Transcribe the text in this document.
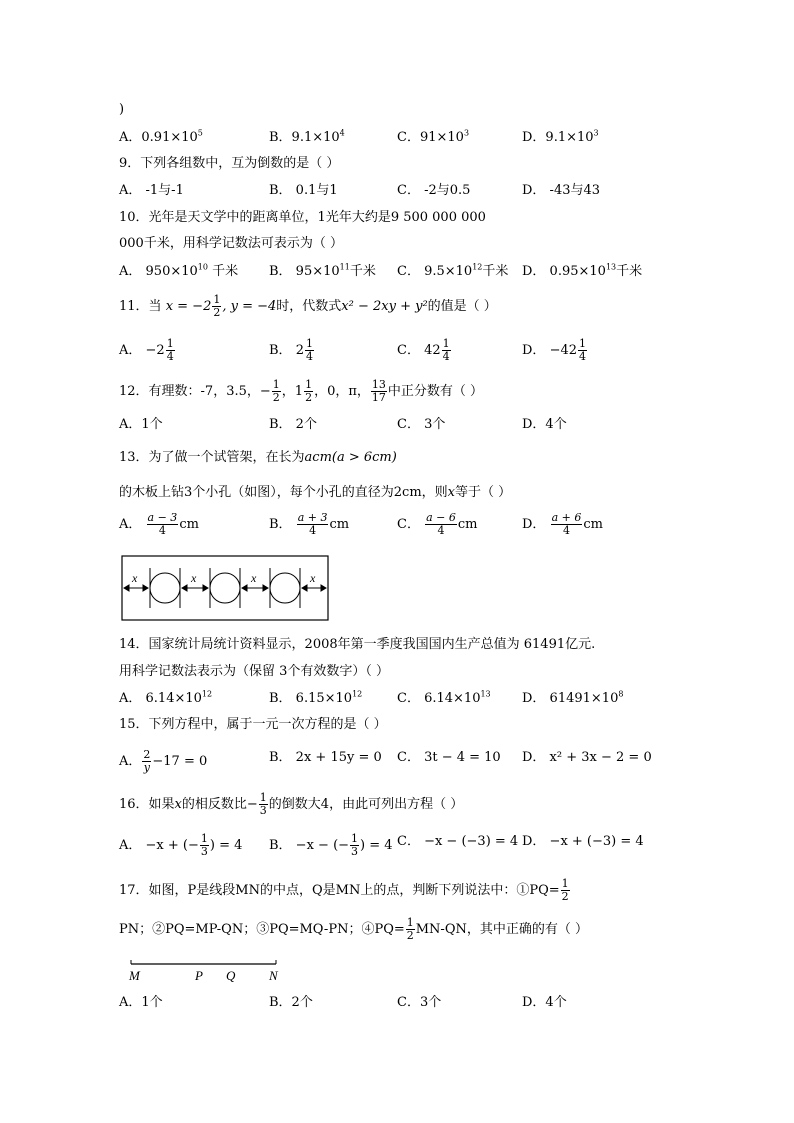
)
A．$0.91\times 10^5$	B．$9.1\times 10^4$	C．$91\times 10^3$	D．$9.1\times 10^3$
9．下列各组数中，互为倒数的是（ ）
A． -1与-1	B． 0.1与1	C． -2与0.5	D． -43与43
10．光年是天文学中的距离单位，1光年大约是9 500 000 000
000千米，用科学记数法可表示为（ ）
A． $950\times 10^{10}$ 千米 B． $95\times 10^{11}$千米 C． $9.5\times 10^{12}$千米 D． $0.95\times 10^{13}$千米
11．当 $x = -2 \frac{1}{2}$ , y = −4时，代数式x² − 2xy + y²的值是（ ）
A． $-2 \frac{1}{4}$	B． $2 \frac{1}{4}$	C． $42 \frac{1}{4}$	D． $-42 \frac{1}{4}$
12．有理数：-7，3.5，− $\frac{1}{2}$ ，$1 \frac{1}{2}$ ，0，π， $\frac{13}{17}$ 中正分数有（ ）
A．1个	B． 2个	C． 3个	D．4个
13．为了做一个试管架，在长为acm(a > 6cm)
的木板上钻3个小孔（如图），每个小孔的直径为2cm，则x等于（ ）
A． $\frac{a - 3}{4}$ cm	B． $\frac{a + 3}{4}$ cm	C． $\frac{a - 6}{4}$ cm	D． $\frac{a + 6}{4}$ cm
x	x	x	x
14．国家统计局统计资料显示，2008年第一季度我国国内生产总值为 61491亿元.
用科学记数法表示为（保留 3个有效数字）（ ）
A． $6.14\times 10^{12}$	B． $6.15\times 10^{12}$	C． $6.14\times 10^{13}$ D． $61491\times 10^8$
15．下列方程中，属于一元一次方程的是（ ）
A． $\frac{2}{y}-17 = 0$	B． 2x + 15y = 0 C． 3t − 4 = 10 D． x² + 3x − 2 = 0
16．如果x的相反数比− $\frac{1}{3}$ 的倒数大4，由此可列出方程（ ）
A． −x + (− $\frac{1}{3}$ ) = 4 B． −x − (− $\frac{1}{3}$ ) = 4 C． −x − (−3) = 4 D． −x + (−3) = 4
17．如图，P是线段MN的中点，Q是MN上的点，判断下列说法中：①PQ= $\frac{1}{2}$
PN；②PQ=MP-QN；③PQ=MQ-PN；④PQ= $\frac{1}{2} MN-QN$，其中正确的有（ ）
M	P Q	N
A．1个	B．2个	C．3个	D．4个
